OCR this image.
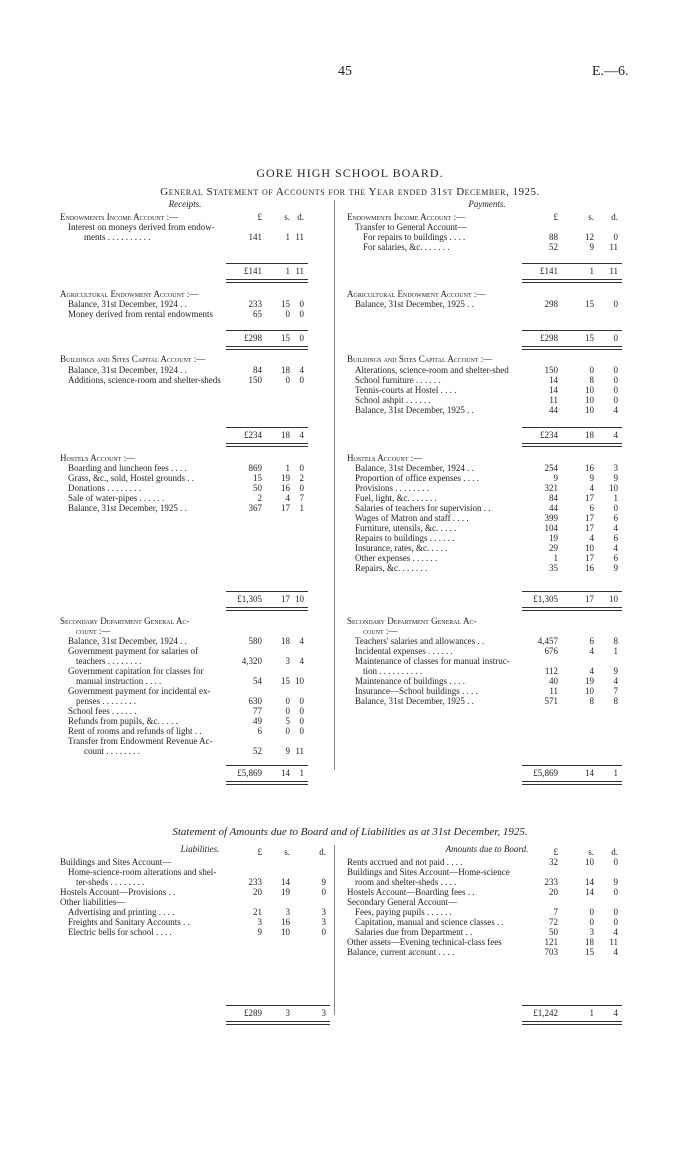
45	E.—6.
GORE HIGH SCHOOL BOARD.
General Statement of Accounts for the Year ended 31st December, 1925.
Receipts.
Endowments Income Account :—
Interest on moneys derived from endow-
ments . . . . . . . . . .	141	1 11
£141	1 11
Agricultural Endowment Account :—
Balance, 31st December, 1924 . .	233	15	0
Money derived from rental endowments	65	0	0
£298	15	0
Buildings and Sites Capital Account :—
Balance, 31st December, 1924 . .	84	18	4
Additions, science-room and shelter-sheds	150	0	0
£234	18	4
Hostels Account :—
Boarding and luncheon fees . . . .	869	1	0
Grass, &c., sold, Hostel grounds . .	15	19	2
Donations . . . . . . . .	50	16	0
Sale of water-pipes . . . . . .	2	4	7
Balance, 31st December, 1925 . .	367	17	1
£1,305	17 10
Secondary Department General Ac-
count :—
Balance, 31st December, 1924 . .	580	18	4
Government payment for salaries of
teachers . . . . . . . .	4,320	3	4
Government capitation for classes for
manual instruction . . . .	54	15 10
Government payment for incidental ex-
penses . . . . . . . .	630	0	0
School fees . . . . . .	77	0	0
Refunds from pupils, &c. . . . .	49	5	0
Rent of rooms and refunds of light . .	6	0	0
Transfer from Endowment Revenue Ac-
count . . . . . . . .	52	9 11
£5,869	14	1
£	s. d.
Payments.
Endowments Income Account :—
Transfer to General Account—
For repairs to buildings . . . .	88	12	0
For salaries, &c. . . . . . .	52	9	11
£141	1	11
Agricultural Endowment Account :—
Balance, 31st December, 1925 . .	298	15	0
£298	15	0
Buildings and Sites Capital Account :—
Alterations, science-room and shelter-shed	150	0	0
School furniture . . . . . .	14	8	0
Tennis-courts at Hostel . . . .	14	10	0
School ashpit . . . . . .	11	10	0
Balance, 31st December, 1925 . .	44	10	4
£234	18	4
Hostels Account :—
Balance, 31st December, 1924 . .	254	16	3
Proportion of office expenses . . . .	9	9	9
Provisions . . . . . . . .	321	4	10
Fuel, light, &c. . . . . . .	84	17	1
Salaries of teachers for supervision . .	44	6	0
Wages of Matron and staff . . . .	399	17	6
Furniture, utensils, &c. . . . .	104	17	4
Repairs to buildings . . . . . .	19	4	6
Insurance, rates, &c. . . . .	29	10	4
Other expenses . . . . . .	1	17	6
Repairs, &c. . . . . . .	35	16	9
£1,305	17	10
Secondary Department General Ac-
count :—
Teachers' salaries and allowances . .	4,457	6	8
Incidental expenses . . . . . .	676	4	1
Maintenance of classes for manual instruc-
tion . . . . . . . . . .	112	4	9
Maintenance of buildings . . . .	40	19	4
Insurance—School buildings . . . .	11	10	7
Balance, 31st December, 1925 . .	571	8	8
£5,869	14	1
£	s.	d.
Statement of Amounts due to Board and of Liabilities as at 31st December, 1925.
Liabilities.
Buildings and Sites Account—
Home-science-room alterations and shel-
ter-sheds . . . . . . . .	233	14	9
Hostels Account—Provisions . .	20	19	0
Other liabilities—
Advertising and printing . . . .	21	3	3
Freights and Sanitary Accounts . .	3	16	3
Electric bells for school . . . .	9	10	0
£289	3	3
£	s.	d.	Amounts due to Board.
Rents accrued and not paid . . . .	32	10	0
Buildings and Sites Account—Home-science
room and shelter-sheds . . . .	233	14	9
Hostels Account—Boarding fees . .	20	14	0
Secondary General Account—
Fees, paying pupils . . . . . .	7	0	0
Capitation, manual and science classes . .	72	0	0
Salaries due from Department . .	50	3	4
Other assets—Evening technical-class fees	121	18	11
Balance, current account . . . .	703	15	4
£1,242	1	4
£	s.	d.
